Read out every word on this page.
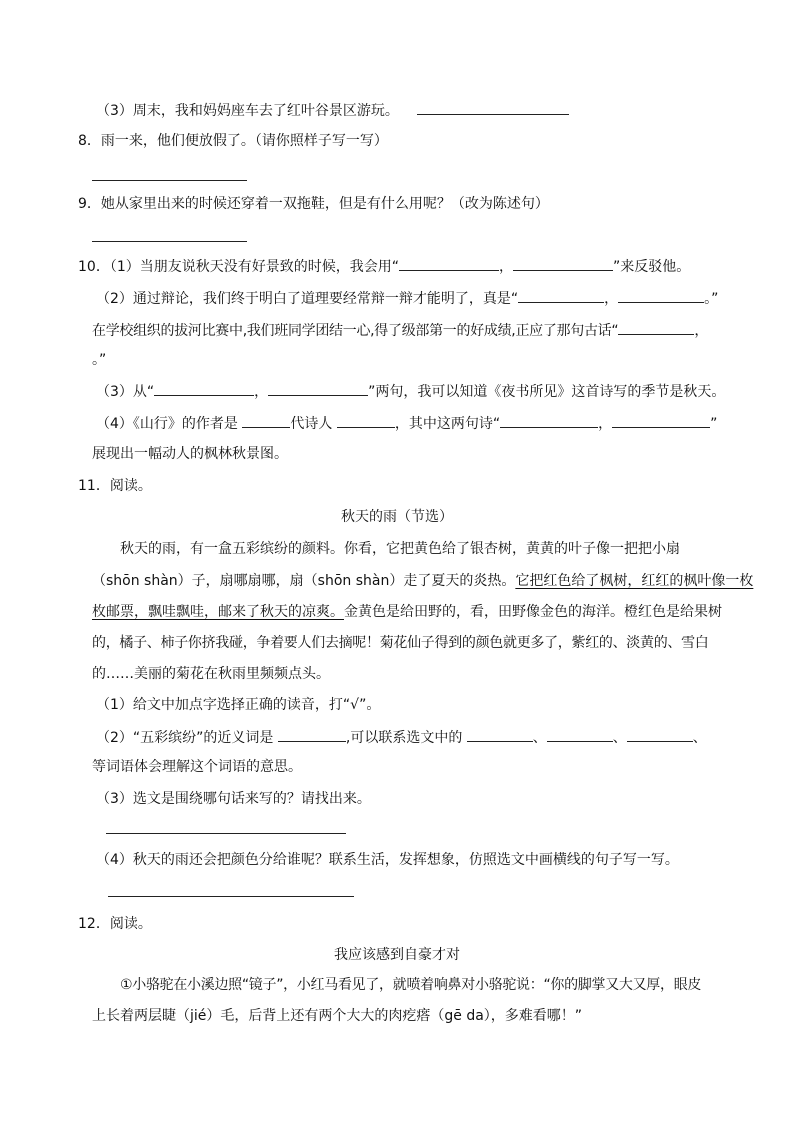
（3）周末，我和妈妈座车去了红叶谷景区游玩。
8．雨一来，他们便放假了。（请你照样子写一写）
9．她从家里出来的时候还穿着一双拖鞋，但是有什么用呢？（改为陈述句）
10．（1）当朋友说秋天没有好景致的时候，我会用“	，	”来反驳他。
（2）通过辩论，我们终于明白了道理要经常辩一辩才能明了，真是“	，	。”
在学校组织的拔河比赛中,我们班同学团结一心,得了级部第一的好成绩,正应了那句古话“	，
。”
（3）从“	，	”两句，我可以知道《夜书所见》这首诗写的季节是秋天。
（4）《山行》的作者是	代诗人	，其中这两句诗“	，	”
展现出一幅动人的枫林秋景图。
11．阅读。
秋天的雨（节选）
秋天的雨，有一盒五彩缤纷的颜料。你看，它把黄色给了银杏树，黄黄的叶子像一把把小扇
（shōn shàn）子，扇哪扇哪，扇（shōn shàn）走了夏天的炎热。它把红色给了枫树，红红的枫叶像一枚
枚邮票，飘哇飘哇，邮来了秋天的凉爽。金黄色是给田野的，看，田野像金色的海洋。橙红色是给果树
的，橘子、柿子你挤我碰，争着要人们去摘呢！菊花仙子得到的颜色就更多了，紫红的、淡黄的、雪白
的……美丽的菊花在秋雨里频频点头。
（1）给文中加点字选择正确的读音，打“√”。
（2）“五彩缤纷”的近义词是	,可以联系选文中的	、	、	、
等词语体会理解这个词语的意思。
（3）选文是围绕哪句话来写的？请找出来。
（4）秋天的雨还会把颜色分给谁呢？联系生活，发挥想象，仿照选文中画横线的句子写一写。
12．阅读。
我应该感到自豪才对
①小骆驼在小溪边照“镜子”，小红马看见了，就喷着响鼻对小骆驼说：“你的脚掌又大又厚，眼皮
上长着两层睫（jié）毛，后背上还有两个大大的肉疙瘩（gē da），多难看哪！”
